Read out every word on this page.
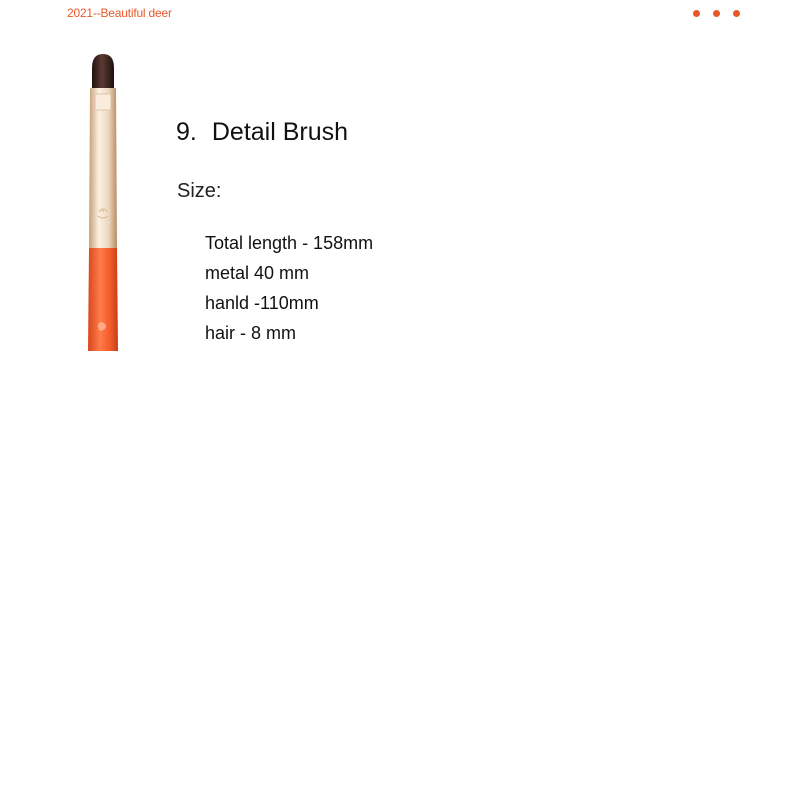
2021--Beautiful deer
9. Detail Brush
Size:
Total length - 158mm
metal 40 mm
hanld -110mm
hair - 8 mm
